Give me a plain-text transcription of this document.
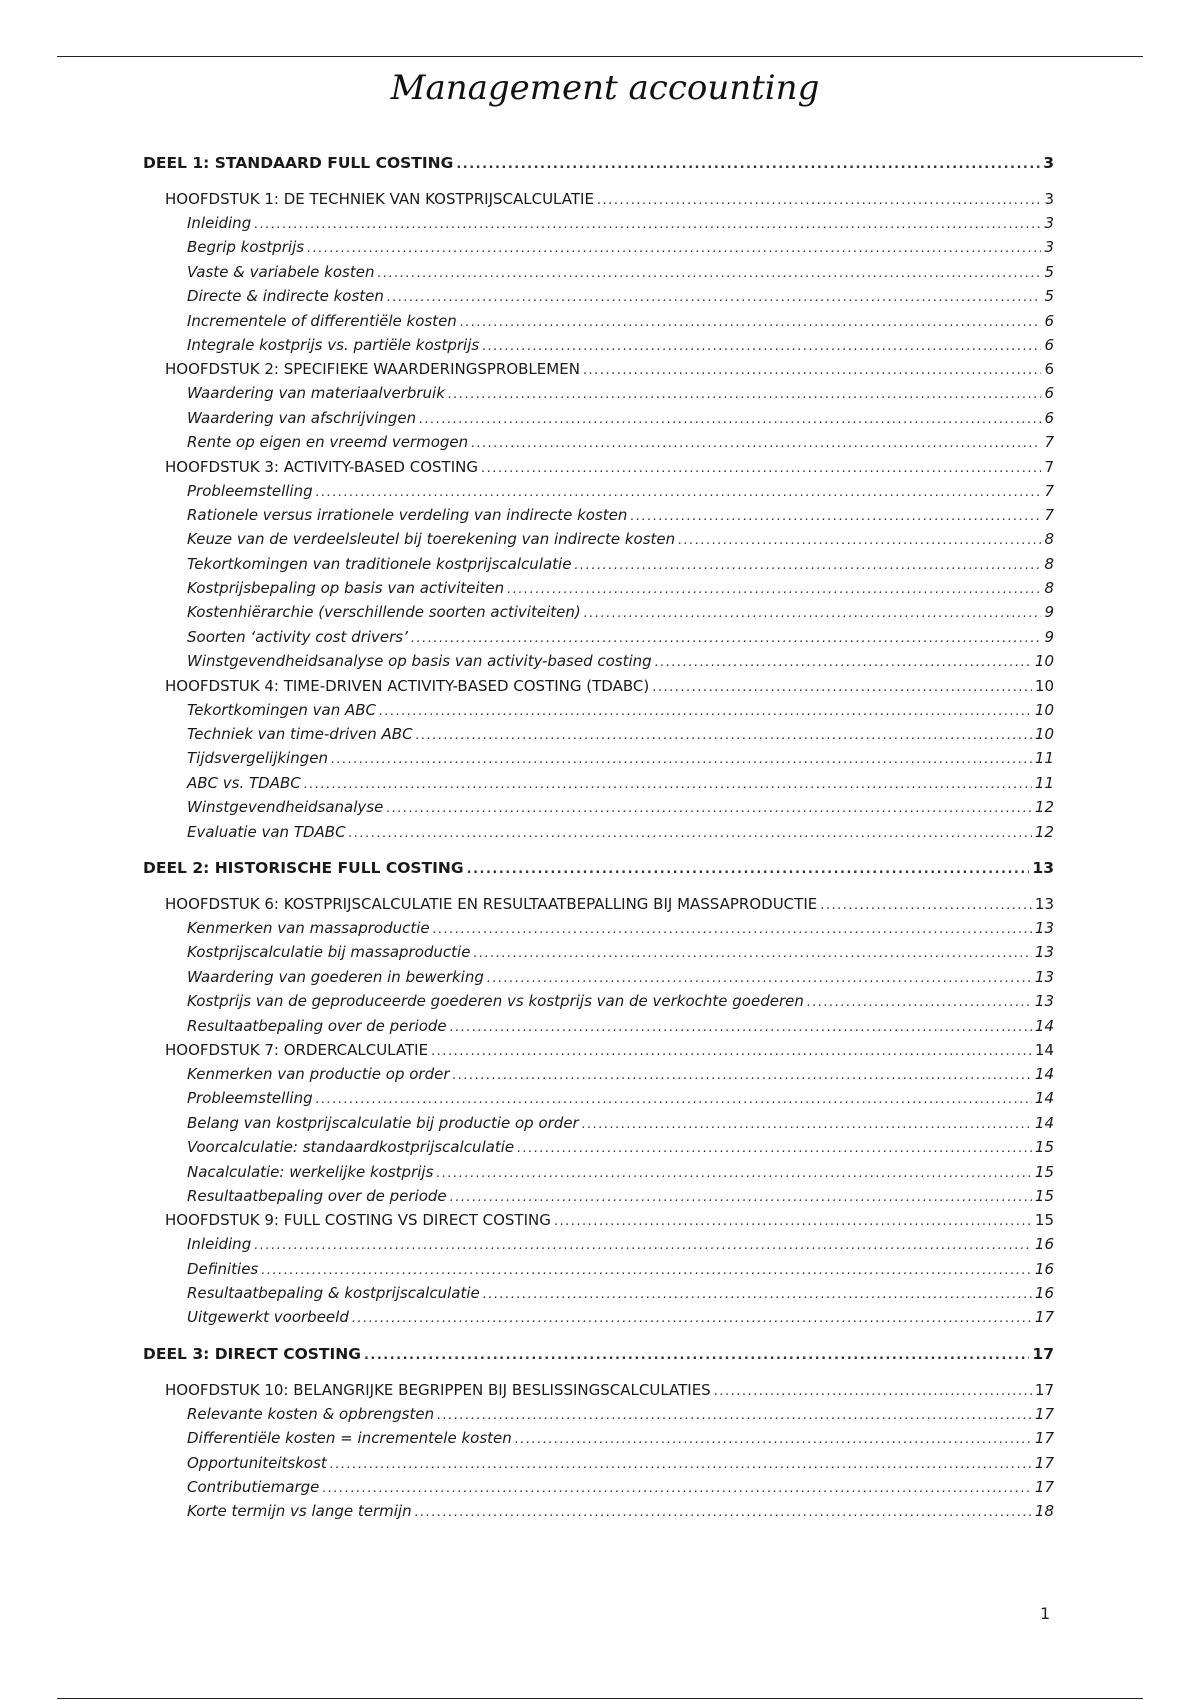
Management accounting
DEEL 1: STANDAARD FULL COSTING .....	3
HOOFDSTUK 1: DE TECHNIEK VAN KOSTPRIJSCALCULATIE .....	3
Inleiding .....	3
Begrip kostprijs .....	3
Vaste & variabele kosten .....	5
Directe & indirecte kosten .....	5
Incrementele of differentiële kosten .....	6
Integrale kostprijs vs. partiële kostprijs .....	6
HOOFDSTUK 2: SPECIFIEKE WAARDERINGSPROBLEMEN .....	6
Waardering van materiaalverbruik .....	6
Waardering van afschrijvingen .....	6
Rente op eigen en vreemd vermogen .....	7
HOOFDSTUK 3: ACTIVITY-BASED COSTING .....	7
Probleemstelling .....	7
Rationele versus irrationele verdeling van indirecte kosten .....	7
Keuze van de verdeelsleutel bij toerekening van indirecte kosten .....	8
Tekortkomingen van traditionele kostprijscalculatie .....	8
Kostprijsbepaling op basis van activiteiten .....	8
Kostenhiërarchie (verschillende soorten activiteiten) .....	9
Soorten ‘activity cost drivers’ .....	9
Winstgevendheidsanalyse op basis van activity-based costing .....	10
HOOFDSTUK 4: TIME-DRIVEN ACTIVITY-BASED COSTING (TDABC) .....	10
Tekortkomingen van ABC .....	10
Techniek van time-driven ABC .....	10
Tijdsvergelijkingen .....	11
ABC vs. TDABC .....	11
Winstgevendheidsanalyse .....	12
Evaluatie van TDABC .....	12
DEEL 2: HISTORISCHE FULL COSTING .....	13
HOOFDSTUK 6: KOSTPRIJSCALCULATIE EN RESULTAATBEPALLING BIJ MASSAPRODUCTIE .....	13
Kenmerken van massaproductie .....	13
Kostprijscalculatie bij massaproductie .....	13
Waardering van goederen in bewerking .....	13
Kostprijs van de geproduceerde goederen vs kostprijs van de verkochte goederen .....	13
Resultaatbepaling over de periode .....	14
HOOFDSTUK 7: ORDERCALCULATIE .....	14
Kenmerken van productie op order .....	14
Probleemstelling .....	14
Belang van kostprijscalculatie bij productie op order .....	14
Voorcalculatie: standaardkostprijscalculatie .....	15
Nacalculatie: werkelijke kostprijs .....	15
Resultaatbepaling over de periode .....	15
HOOFDSTUK 9: FULL COSTING VS DIRECT COSTING .....	15
Inleiding .....	16
Definities .....	16
Resultaatbepaling & kostprijscalculatie .....	16
Uitgewerkt voorbeeld .....	17
DEEL 3: DIRECT COSTING .....	17
HOOFDSTUK 10: BELANGRIJKE BEGRIPPEN BIJ BESLISSINGSCALCULATIES .....	17
Relevante kosten & opbrengsten .....	17
Differentiële kosten = incrementele kosten .....	17
Opportuniteitskost .....	17
Contributiemarge .....	17
Korte termijn vs lange termijn .....	18
1
